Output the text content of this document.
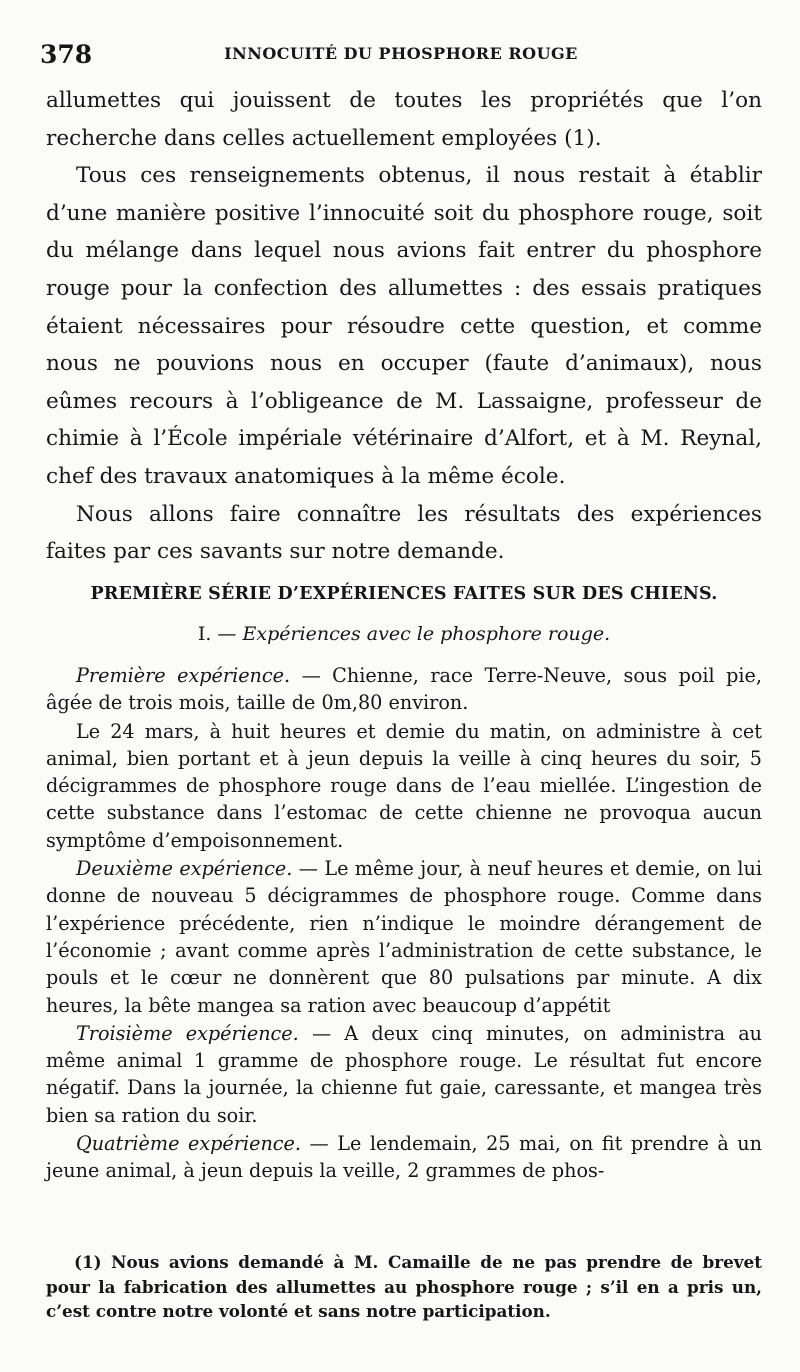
378	INNOCUITÉ DU PHOSPHORE ROUGE

allumettes qui jouissent de toutes les propriétés que l’on recherche dans celles actuellement employées (1).

Tous ces renseignements obtenus, il nous restait à établir d’une manière positive l’innocuité soit du phosphore rouge, soit du mélange dans lequel nous avions fait entrer du phosphore rouge pour la confection des allumettes : des essais pratiques étaient nécessaires pour résoudre cette question, et comme nous ne pouvions nous en occuper (faute d’animaux), nous eûmes recours à l’obligeance de M. Lassaigne, professeur de chimie à l’École impériale vétérinaire d’Alfort, et à M. Reynal, chef des travaux anatomiques à la même école.

Nous allons faire connaître les résultats des expériences faites par ces savants sur notre demande.

PREMIÈRE SÉRIE D’EXPÉRIENCES FAITES SUR DES CHIENS.
I. — Expériences avec le phosphore rouge.

Première expérience. — Chienne, race Terre-Neuve, sous poil pie, âgée de trois mois, taille de 0m,80 environ.

Le 24 mars, à huit heures et demie du matin, on administre à cet animal, bien portant et à jeun depuis la veille à cinq heures du soir, 5 décigrammes de phosphore rouge dans de l’eau miellée. L’ingestion de cette substance dans l’estomac de cette chienne ne provoqua aucun symptôme d’empoisonnement.

Deuxième expérience. — Le même jour, à neuf heures et demie, on lui donne de nouveau 5 décigrammes de phosphore rouge. Comme dans l’expérience précédente, rien n’indique le moindre dérangement de l’économie ; avant comme après l’administration de cette substance, le pouls et le cœur ne donnèrent que 80 pulsations par minute. A dix heures, la bête mangea sa ration avec beaucoup d’appétit

Troisième expérience. — A deux cinq minutes, on administra au même animal 1 gramme de phosphore rouge. Le résultat fut encore négatif. Dans la journée, la chienne fut gaie, caressante, et mangea très bien sa ration du soir.

Quatrième expérience. — Le lendemain, 25 mai, on fit prendre à un jeune animal, à jeun depuis la veille, 2 grammes de phos-

(1) Nous avions demandé à M. Camaille de ne pas prendre de brevet pour la fabrication des allumettes au phosphore rouge ; s’il en a pris un, c’est contre notre volonté et sans notre participation.
